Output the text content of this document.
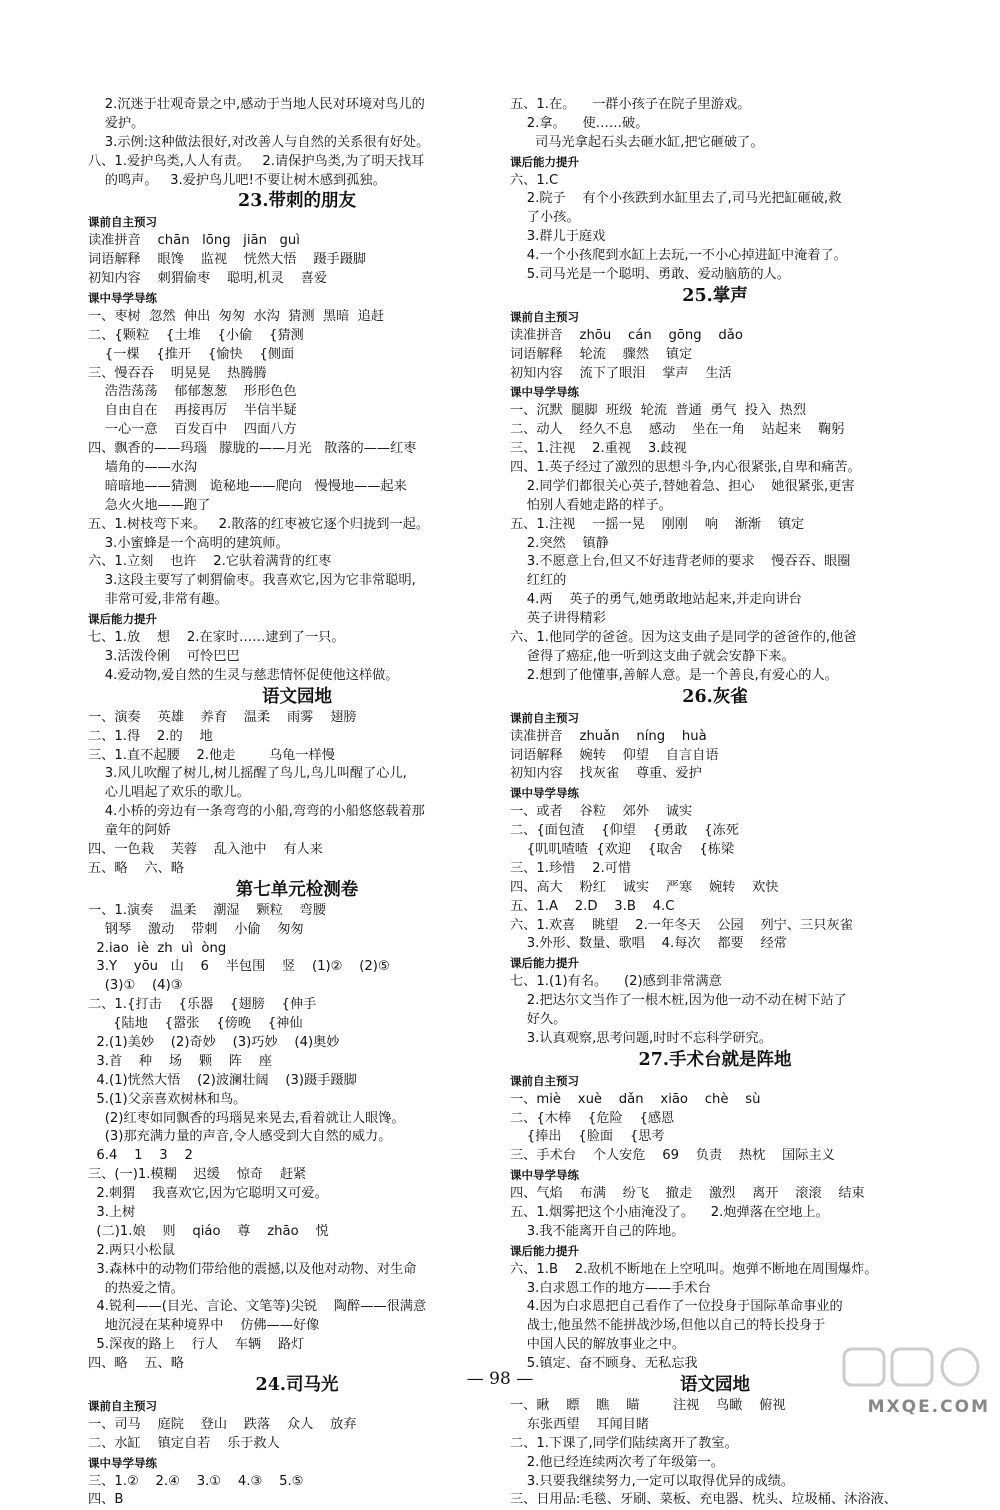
2.沉迷于壮观奇景之中,感动于当地人民对环境对鸟儿的
爱护。
3.示例:这种做法很好,对改善人与自然的关系很有好处。
八、1.爱护鸟类,人人有责。   2.请保护鸟类,为了明天找耳
的鸣声。   3.爱护鸟儿吧!不要让树木感到孤独。
23.带刺的朋友
课前自主预习
读准拼音    chān   lōng   jiān   guì
词语解释    眼馋    监视    恍然大悟    蹑手蹑脚
初知内容    刺猬偷枣    聪明,机灵    喜爱
课中导学导练
一、枣树  忽然  伸出  匆匆  水沟  猜测  黑暗  追赶
二、{颗粒    {土堆    {小偷    {猜测
{一棵    {推开    {愉快    {侧面
三、慢吞吞    明晃晃    热腾腾
浩浩荡荡    郁郁葱葱    形形色色
自由自在    再接再厉    半信半疑
一心一意    百发百中    四面八方
四、飘香的——玛瑙   朦胧的——月光   散落的——红枣
墙角的——水沟
暗暗地——猜测   诡秘地——爬向   慢慢地——起来
急火火地——跑了
五、1.树枝弯下来。   2.散落的红枣被它逐个归拢到一起。
3.小蜜蜂是一个高明的建筑师。
六、1.立刻    也许    2.它驮着满背的红枣
3.这段主要写了刺猬偷枣。我喜欢它,因为它非常聪明,
非常可爱,非常有趣。
课后能力提升
七、1.放    想    2.在家时……逮到了一只。
3.活泼伶俐    可怜巴巴
4.爱动物,爱自然的生灵与慈悲情怀促使他这样做。
语文园地
一、演奏    英雄    养育    温柔    雨雾    翅膀
二、1.得    2.的    地
三、1.直不起腰    2.他走        乌龟一样慢
3.风儿吹醒了树儿,树儿摇醒了鸟儿,鸟儿叫醒了心儿,
心儿唱起了欢乐的歌儿。
4.小桥的旁边有一条弯弯的小船,弯弯的小船悠悠载着那
童年的阿娇
四、一色栽    芙蓉    乱入池中    有人来
五、略    六、略
第七单元检测卷
一、1.演奏    温柔    潮湿    颗粒    弯腰
钢琴    激动    带刺    小偷    匆匆
2.iao  iè  zh  uì  òng
3.Y    yōu   山    6    半包围    竖    (1)②    (2)⑤
(3)①    (4)③
二、1.{打击    {乐器    {翅膀    {伸手
{陆地    {嚣张    {傍晚    {神仙
2.(1)美妙    (2)奇妙    (3)巧妙    (4)奥妙
3.首    种    场    颗    阵    座
4.(1)恍然大悟    (2)波澜壮阔    (3)蹑手蹑脚
5.(1)父亲喜欢树林和鸟。
(2)红枣如同飘香的玛瑙晃来晃去,看着就让人眼馋。
(3)那充满力量的声音,令人感受到大自然的威力。
6.4    1    3    2
三、(一)1.模糊    迟缓    惊奇    赶紧
2.刺猬    我喜欢它,因为它聪明又可爱。
3.上树
(二)1.娘    则    qiáo    尊    zhāo    悦
2.两只小松鼠
3.森林中的动物们带给他的震撼,以及他对动物、对生命
的热爱之情。
4.锐利——(目光、言论、文笔等)尖锐    陶醉——很满意
地沉浸在某种境界中    仿佛——好像
5.深夜的路上    行人    车辆    路灯
四、略    五、略
24.司马光
课前自主预习
一、司马    庭院    登山    跌落    众人    放弃
二、水缸    镇定自若    乐于救人
课中导学导练
三、1.②    2.④    3.①    4.③    5.⑤
四、B
五、1.在。    一群小孩子在院子里游戏。
2.拿。    使……破。
司马光拿起石头去砸水缸,把它砸破了。
课后能力提升
六、1.C
2.院子    有个小孩跌到水缸里去了,司马光把缸砸破,救
了小孩。
3.群儿于庭戏
4.一个小孩爬到水缸上去玩,一不小心掉进缸中淹着了。
5.司马光是一个聪明、勇敢、爱动脑筋的人。
25.掌声
课前自主预习
读准拼音    zhōu    cán    gōng    dǎo
词语解释    轮流    骤然    镇定
初知内容    流下了眼泪    掌声    生活
课中导学导练
一、沉默  腿脚  班级  轮流  普通  勇气  投入  热烈
二、动人    经久不息    感动    坐在一角    站起来    鞠躬
三、1.注视    2.重视    3.歧视
四、1.英子经过了激烈的思想斗争,内心很紧张,自卑和痛苦。
2.同学们都很关心英子,替她着急、担心    她很紧张,更害
怕别人看她走路的样子。
五、1.注视    一摇一晃    刚刚    响    渐渐    镇定
2.突然    镇静
3.不愿意上台,但又不好违背老师的要求    慢吞吞、眼圈
红红的
4.两    英子的勇气,她勇敢地站起来,并走向讲台
英子讲得精彩
六、1.他同学的爸爸。因为这支曲子是同学的爸爸作的,他爸
爸得了癌症,他一听到这支曲子就会安静下来。
2.想到了他懂事,善解人意。是一个善良,有爱心的人。
26.灰雀
课前自主预习
读准拼音    zhuǎn    níng    huà
词语解释    婉转    仰望    自言自语
初知内容    找灰雀    尊重、爱护
课中导学导练
一、或者    谷粒    郊外    诚实
二、{面包渣    {仰望    {勇敢    {冻死
{叽叽喳喳  {欢迎    {取舍    {栋梁
三、1.珍惜    2.可惜
四、高大    粉红    诚实    严寒    婉转    欢快
五、1.A    2.D    3.B    4.C
六、1.欢喜    眺望    2.一年冬天    公园    列宁、三只灰雀
3.外形、数量、歌唱    4.每次    都要    经常
课后能力提升
七、1.(1)有名。    (2)感到非常满意
2.把达尔文当作了一根木桩,因为他一动不动在树下站了
好久。
3.认真观察,思考问题,时时不忘科学研究。
27.手术台就是阵地
课前自主预习
一、miè    xuè    dǎn    xiāo    chè    sù
二、{木棒    {危险    {感恩
{捧出    {脸面    {思考
三、手术台    个人安危    69    负责    热枕    国际主义
课中导学导练
四、气焰    布满    纷飞    撤走    激烈    离开    滚滚    结束
五、1.烟雾把这个小庙淹没了。    2.炮弹落在空地上。
3.我不能离开自己的阵地。
课后能力提升
六、1.B    2.敌机不断地在上空吼叫。炮弹不断地在周围爆炸。
3.白求恩工作的地方——手术台
4.因为白求恩把自己看作了一位投身于国际革命事业的
战士,他虽然不能拼战沙场,但他以自己的特长投身于
中国人民的解放事业之中。
5.镇定、奋不顾身、无私忘我
语文园地
一、瞅    瞟    瞧    瞄        注视    鸟瞰    俯视
东张西望    耳闻目睹
二、1.下课了,同学们陆续离开了教室。
2.他已经连续两次考了年级第一。
3.只要我继续努力,一定可以取得优异的成绩。
三、日用品:毛毯、牙刷、菜板、充电器、枕头、垃圾桶、沐浴液、
— 98 —
MXQE.COM
